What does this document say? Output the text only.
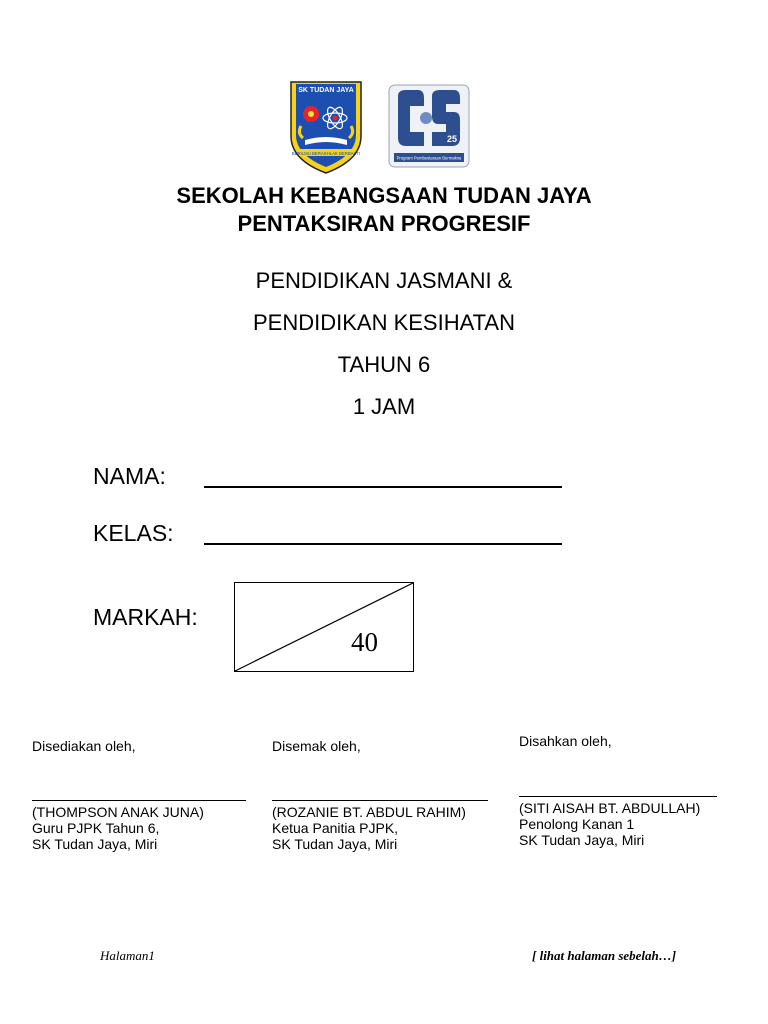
SK TUDAN JAYA
BERILMU BERAKHLAK BERBAKTI
25
Program Pembestaraan Bermakna
SEKOLAH KEBANGSAAN TUDAN JAYA
PENTAKSIRAN PROGRESIF
PENDIDIKAN JASMANI &
PENDIDIKAN KESIHATAN
TAHUN 6
1 JAM
NAMA:
KELAS:
MARKAH:
40
Disediakan oleh,
(THOMPSON ANAK JUNA)
Guru PJPK Tahun 6,
SK Tudan Jaya, Miri
Disemak oleh,
(ROZANIE BT. ABDUL RAHIM)
Ketua Panitia PJPK,
SK Tudan Jaya, Miri
Disahkan oleh,
(SITI AISAH BT. ABDULLAH)
Penolong Kanan 1
SK Tudan Jaya, Miri
Halaman1	[ lihat halaman sebelah…]
